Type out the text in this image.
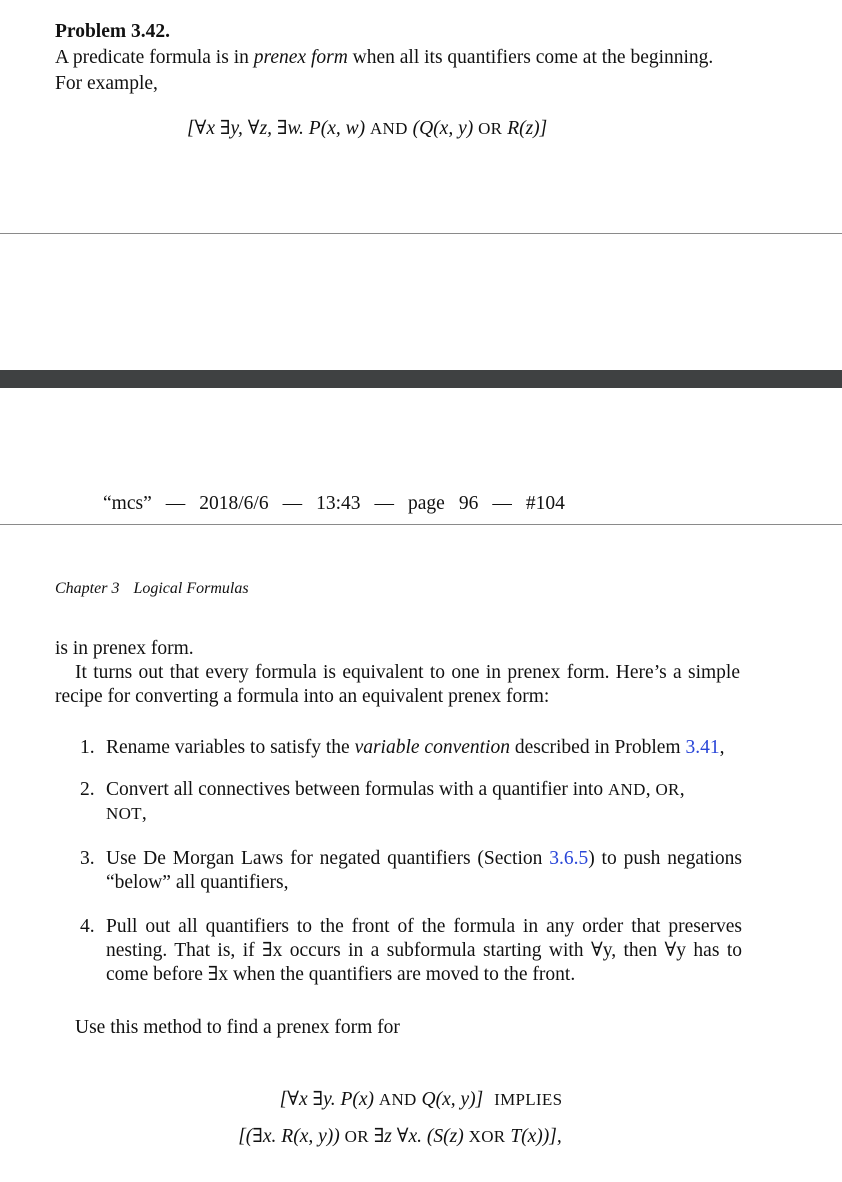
Problem 3.42.
A predicate formula is in prenex form when all its quantifiers come at the beginning.
For example,
[∀x ∃y, ∀z, ∃w. P(x, w) AND (Q(x, y) OR R(z)]
“mcs” — 2018/6/6 — 13:43 — page 96 — #104
Chapter 3 Logical Formulas
is in prenex form.
It turns out that every formula is equivalent to one in prenex form. Here’s a simple recipe for converting a formula into an equivalent prenex form:
1. Rename variables to satisfy the variable convention described in Problem 3.41,
2. Convert all connectives between formulas with a quantifier into AND, OR,
NOT,
3. Use De Morgan Laws for negated quantifiers (Section 3.6.5) to push negations “below” all quantifiers,
4. Pull out all quantifiers to the front of the formula in any order that preserves nesting. That is, if ∃x occurs in a subformula starting with ∀y, then ∀y has to come before ∃x when the quantifiers are moved to the front.
Use this method to find a prenex form for
[∀x ∃y. P(x) AND Q(x, y)] IMPLIES
[(∃x. R(x, y)) OR ∃z ∀x. (S(z) XOR T(x))],
